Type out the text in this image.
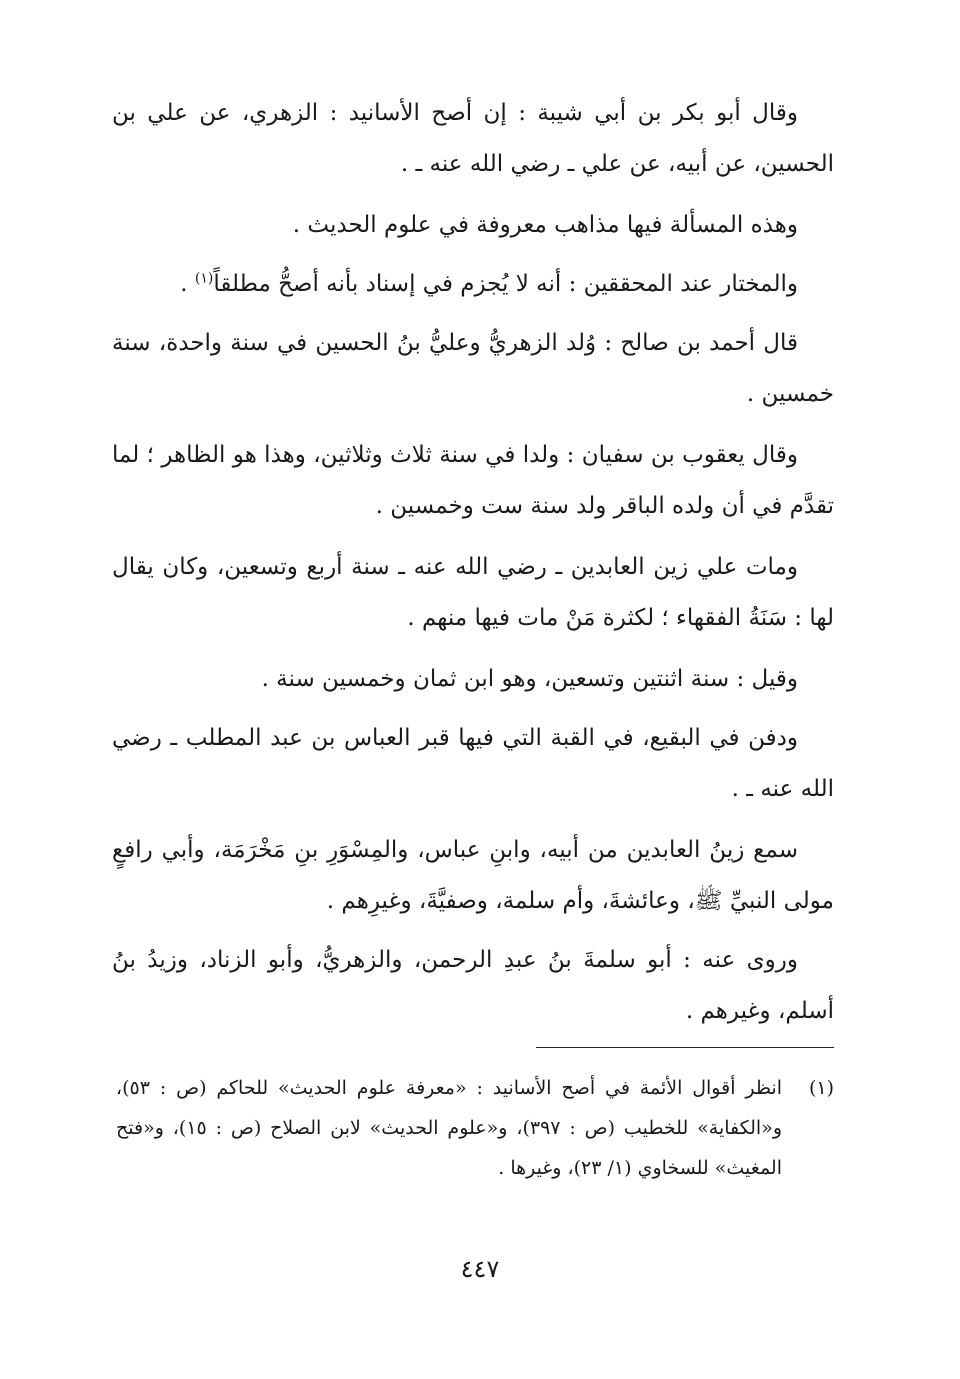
وقال أبو بكر بن أبي شيبة : إن أصح الأسانيد : الزهري، عن علي بن الحسين، عن أبيه، عن علي ـ رضي الله عنه ـ .

وهذه المسألة فيها مذاهب معروفة في علوم الحديث .

والمختار عند المحققين : أنه لا يُجزم في إسناد بأنه أصحُّ مطلقاً$^{(١)}$ .

قال أحمد بن صالح : وُلد الزهريُّ وعليُّ بنُ الحسين في سنة واحدة، سنة خمسين .

وقال يعقوب بن سفيان : ولدا في سنة ثلاث وثلاثين، وهذا هو الظاهر ؛ لما تقدَّم في أن ولده الباقر ولد سنة ست وخمسين .

ومات علي زين العابدين ـ رضي الله عنه ـ سنة أربع وتسعين، وكان يقال لها : سَنَةُ الفقهاء ؛ لكثرة مَنْ مات فيها منهم .

وقيل : سنة اثنتين وتسعين، وهو ابن ثمان وخمسين سنة .

ودفن في البقيع، في القبة التي فيها قبر العباس بن عبد المطلب ـ رضي الله عنه ـ .

سمع زينُ العابدين من أبيه، وابنِ عباس، والمِسْوَرِ بنِ مَخْرَمَة، وأبي رافعٍ مولى النبيِّ ﷺ، وعائشةَ، وأم سلمة، وصفيَّةَ، وغيرِهم .

وروى عنه : أبو سلمةَ بنُ عبدِ الرحمن، والزهريُّ، وأبو الزناد، وزيدُ بنُ أسلم، وغيرهم .

(١)
انظر أقوال الأئمة في أصح الأسانيد : «معرفة علوم الحديث» للحاكم (ص : ٥٣)، و«الكفاية» للخطيب (ص : ٣٩٧)، و«علوم الحديث» لابن الصلاح (ص : ١٥)، و«فتح المغيث» للسخاوي (١/ ٢٣)، وغيرها .

٤٤٧
